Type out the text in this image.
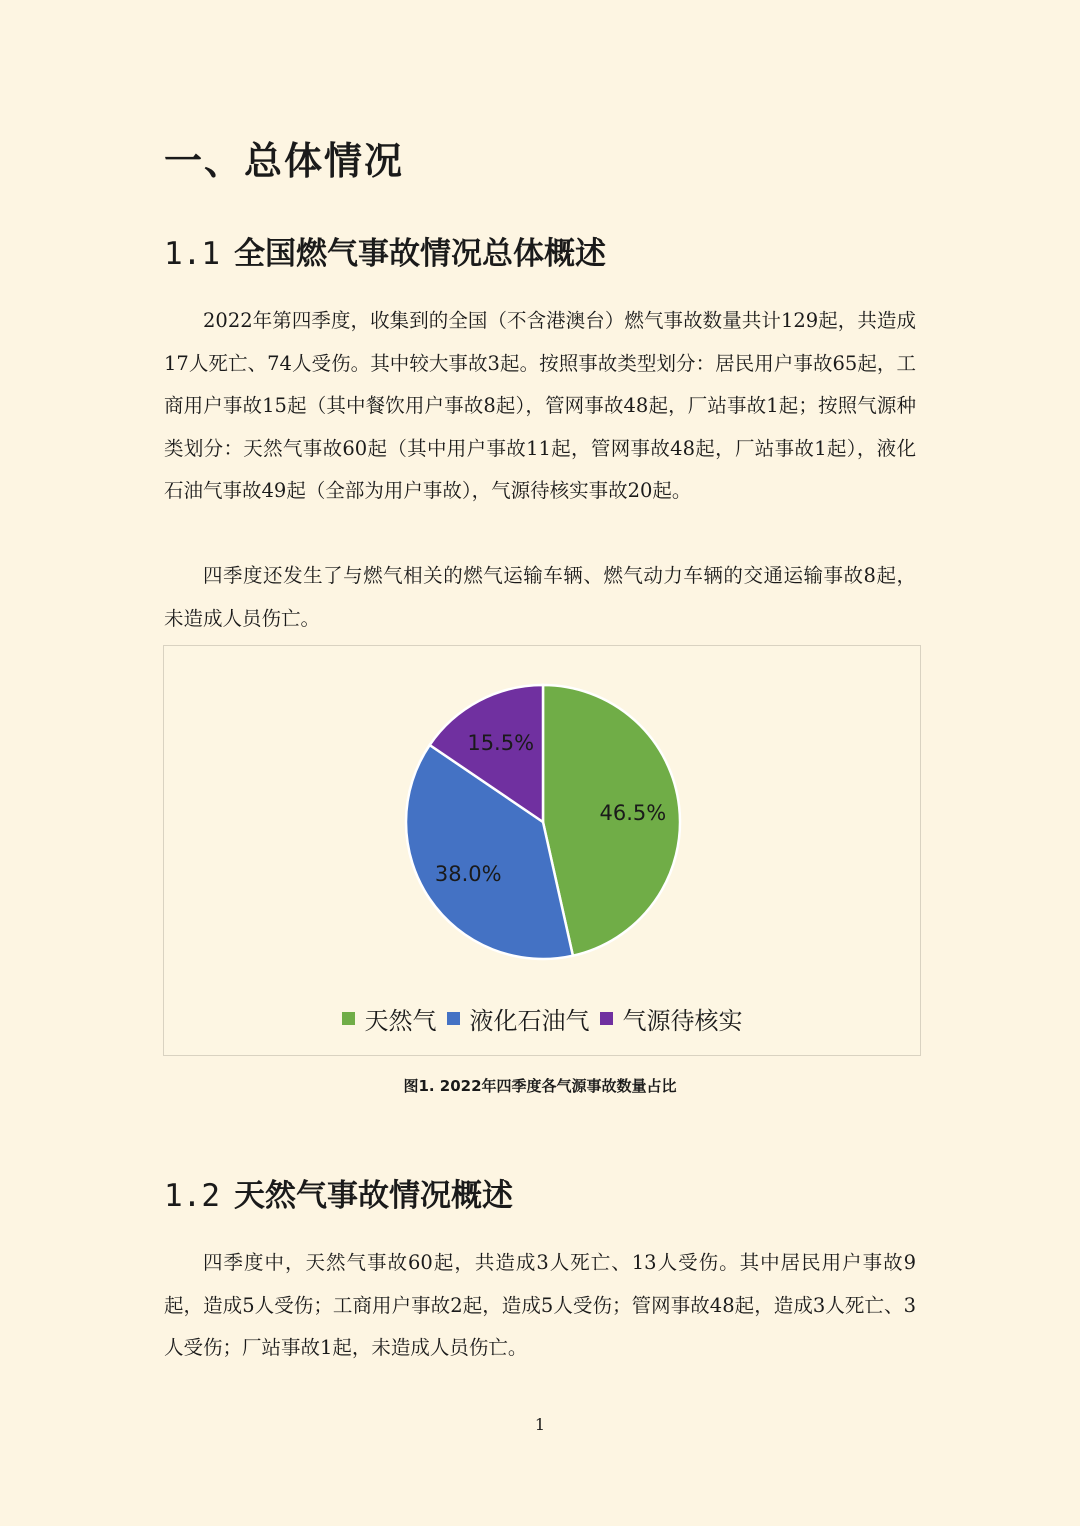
一、总体情况
1.1 全国燃气事故情况总体概述

2022年第四季度，收集到的全国（不含港澳台）燃气事故数量共计129起，共造成17人死亡、74人受伤。其中较大事故3起。按照事故类型划分：居民用户事故65起，工商用户事故15起（其中餐饮用户事故8起），管网事故48起，厂站事故1起；按照气源种类划分：天然气事故60起（其中用户事故11起，管网事故48起，厂站事故1起），液化石油气事故49起（全部为用户事故），气源待核实事故20起。

四季度还发生了与燃气相关的燃气运输车辆、燃气动力车辆的交通运输事故8起，未造成人员伤亡。

46.5%
38.0%
15.5%
天然气 液化石油气 气源待核实
图1. 2022年四季度各气源事故数量占比
1.2 天然气事故情况概述

四季度中，天然气事故60起，共造成3人死亡、13人受伤。其中居民用户事故9起，造成5人受伤；工商用户事故2起，造成5人受伤；管网事故48起，造成3人死亡、3人受伤；厂站事故1起，未造成人员伤亡。

1
